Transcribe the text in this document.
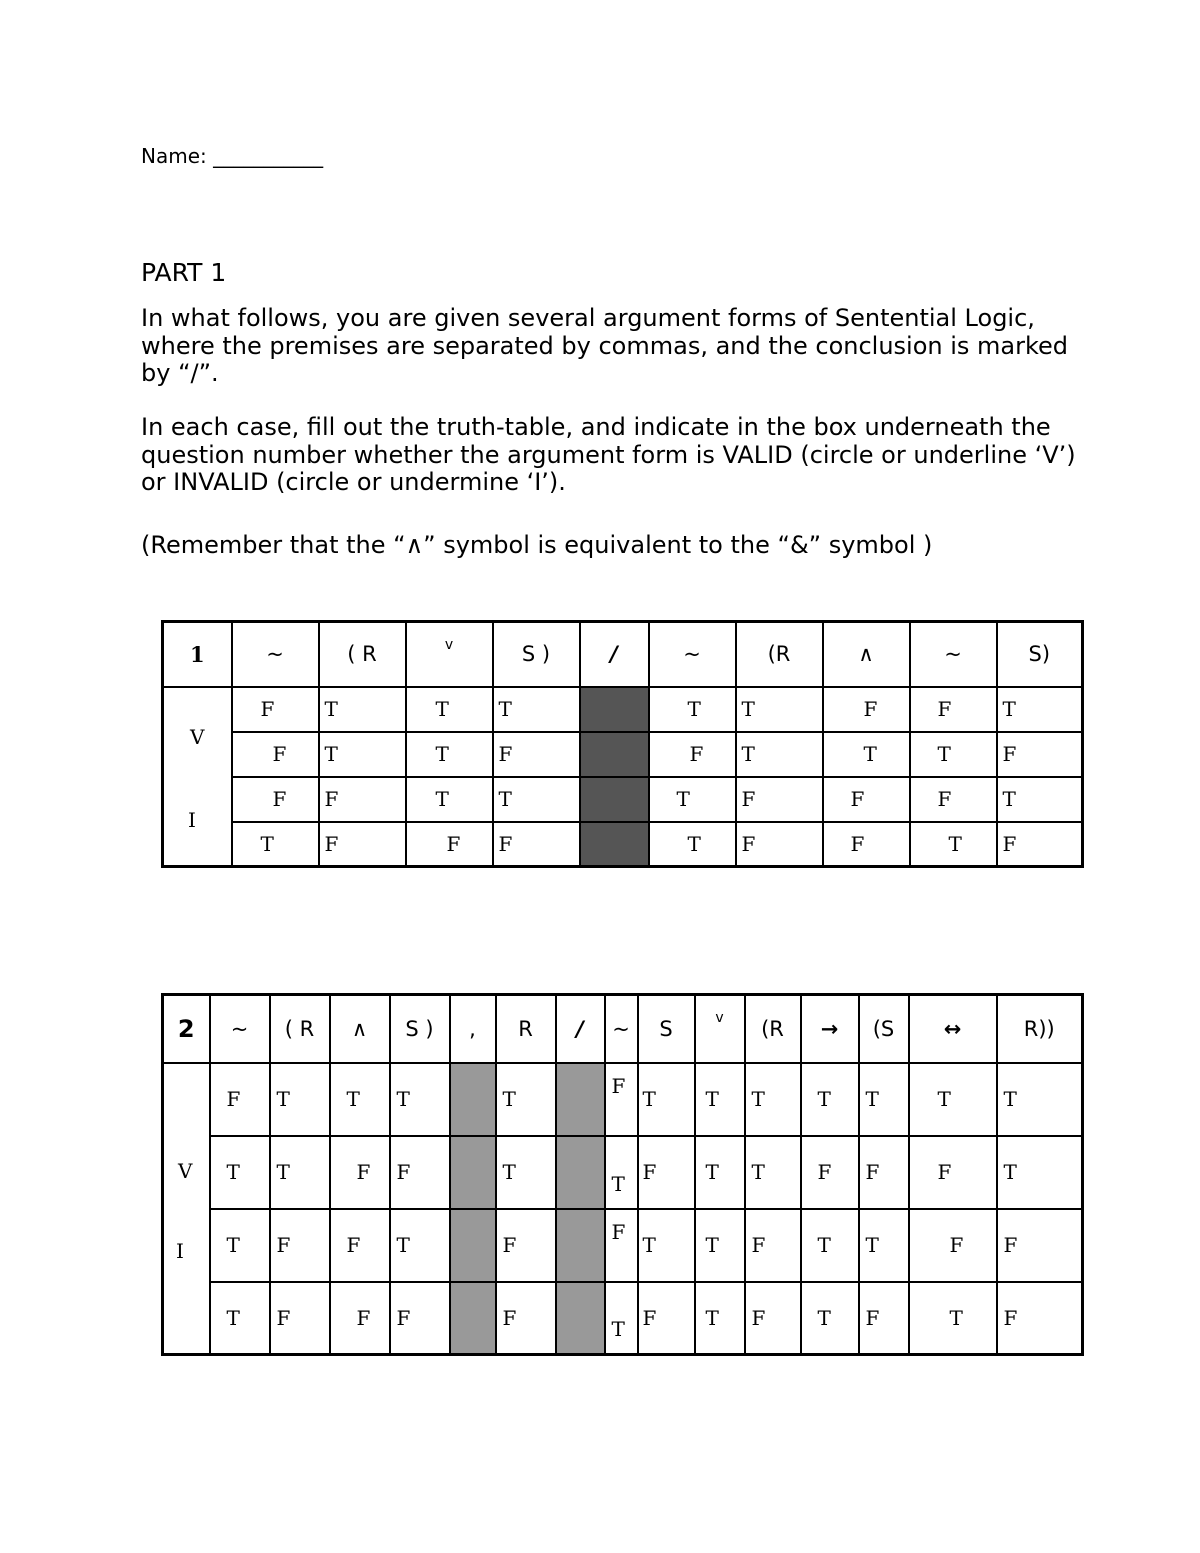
Name: ___________
PART 1

In what follows, you are given several argument forms of Sentential Logic, where the premises are separated by commas, and the conclusion is marked by “/”.

In each case, fill out the truth-table, and indicate in the box underneath the question number whether the argument form is VALID (circle or underline ‘V’) or INVALID (circle or undermine ‘I’).

(Remember that the “∧” symbol is equivalent to the “&” symbol )

1	~	( R	v	S )	/	~	(R	∧	~	S)

V
I	F	T	T	T		T	T	F	F	T
	F	T	T	F		F	T	T	T	F
	F	F	T	T		T	F	F	F	T
	T	F	F	F		T	F	F	T	F
2	~	( R	∧	S )	,	R	/	~	S	v	(R	→	(S	↔	R))

V
I	F	T	T	T		T		F	T	T	T	T	T	T	T
	T	T	F	F		T		T	F	T	T	F	F	F	T
	T	F	F	T		F		F	T	T	F	T	T	F	F
	T	F	F	F		F		T	F	T	F	T	F	T	F
